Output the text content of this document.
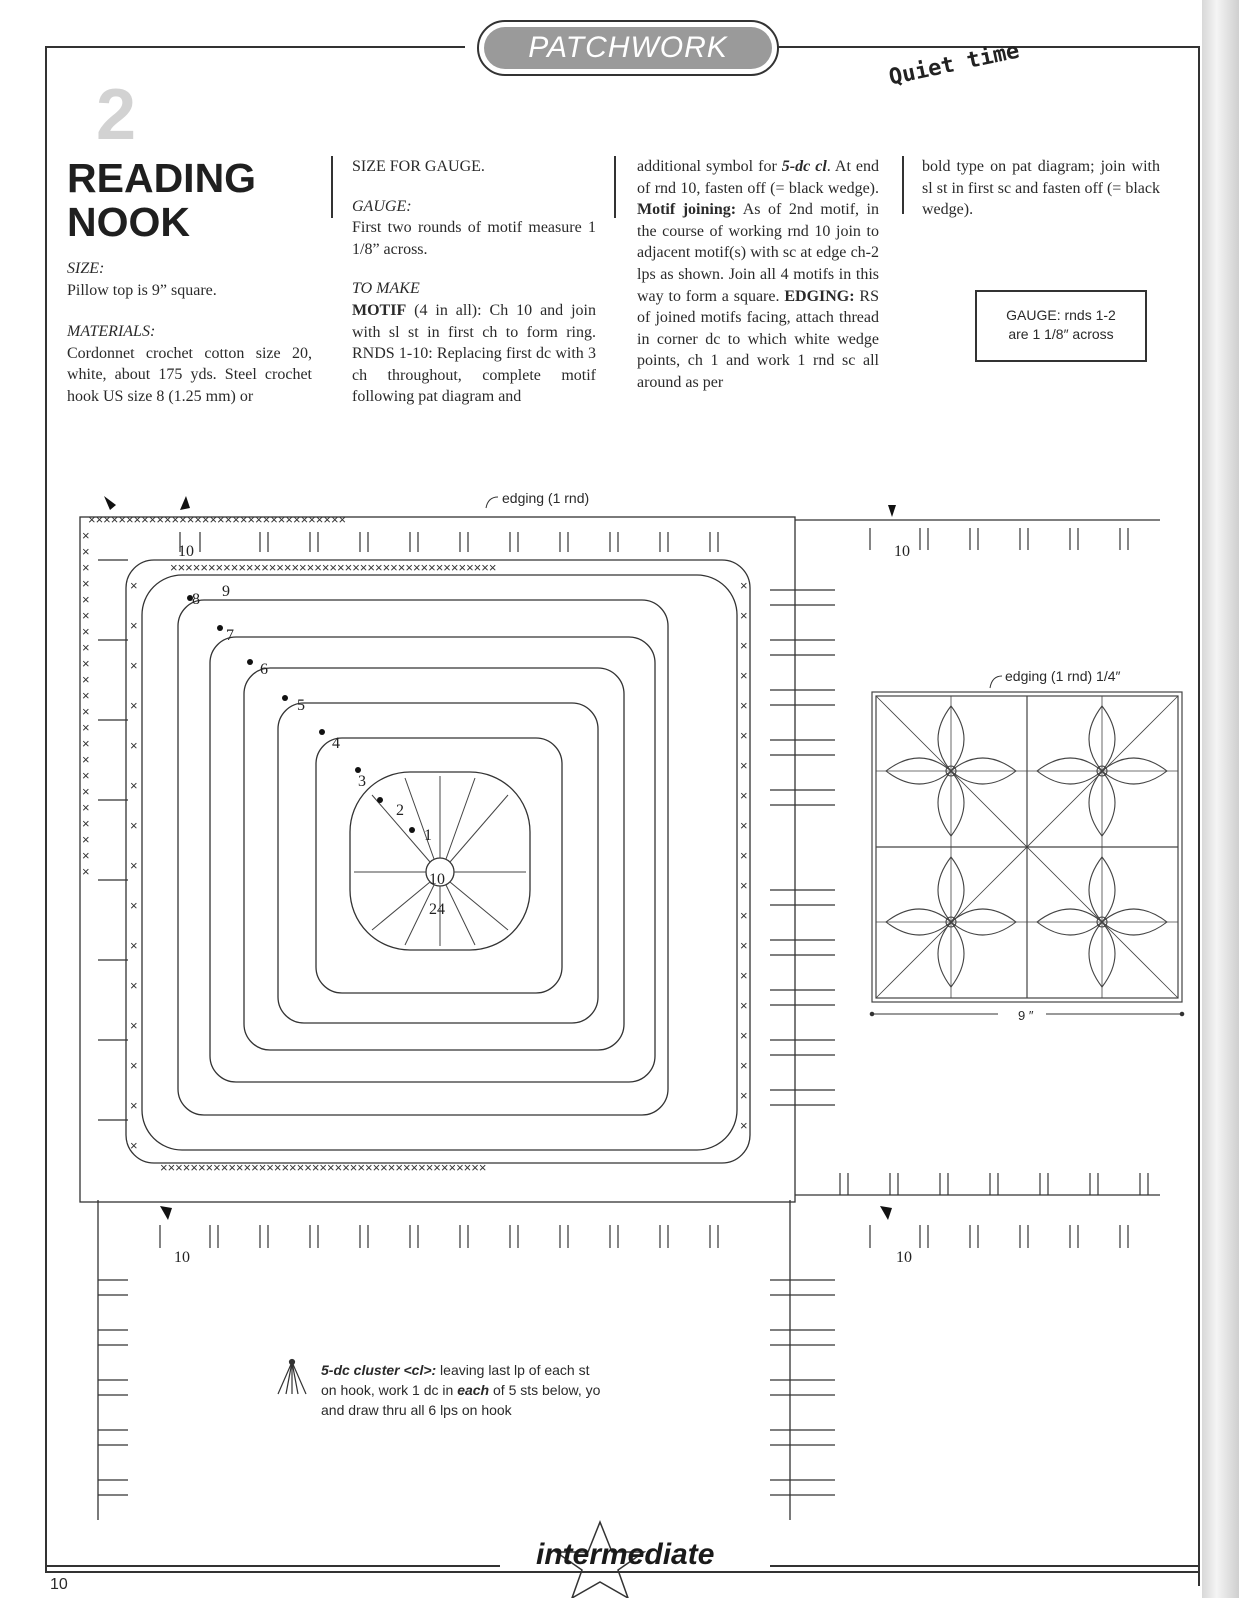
PATCHWORK	Quiet time
2
READING
NOOK
SIZE:
Pillow top is 9” square.
MATERIALS:
Cordonnet crochet cotton size 20, white, about 175 yds. Steel crochet hook US size 8 (1.25 mm) or
SIZE FOR GAUGE.
GAUGE:
First two rounds of motif measure 1 1/8” across.
TO MAKE
MOTIF (4 in all): Ch 10 and join with sl st in first ch to form ring. RNDS 1-10: Replacing first dc with 3 ch throughout, complete motif following pat diagram and
additional symbol for 5-dc cl. At end of rnd 10, fasten off (= black wedge). Motif joining: As of 2nd motif, in the course of working rnd 10 join to adjacent motif(s) with sc at edge ch-2 lps as shown. Join all 4 motifs in this way to form a square. EDGING: RS of joined motifs facing, attach thread in corner dc to which white wedge points, ch 1 and work 1 rnd sc all around as per
bold type on pat diagram; join with sl st in first sc and fasten off (= black wedge).
GAUGE: rnds 1-2
are 1 1/8″ across
××××××××××××××××××××××××××××××××××
×××××××××××××××××××××××××××××××××××××××××××
×××××××××××××××××××××××××××××××××××××××××××
×
×
×
×
×
×
×
×
×
×
×
×
×
×
×
×
×
×
×
×
×
×
×
×
×
×
×
×
×
×
×
×
×
×
×
×
×
×
×
×
×
×
×
×
×
×
×
×
×
×
×
×
×
×
×
×
1
2
3
4
5
6
7
8 9
10
24
10	10
10	10
edging (1 rnd)
edging (1 rnd) 1/4″
9 ″
5-dc cluster <cl>: leaving last lp of each st on hook, work 1 dc in each of 5 sts below, yo and draw thru all 6 lps on hook
10
intermediate
